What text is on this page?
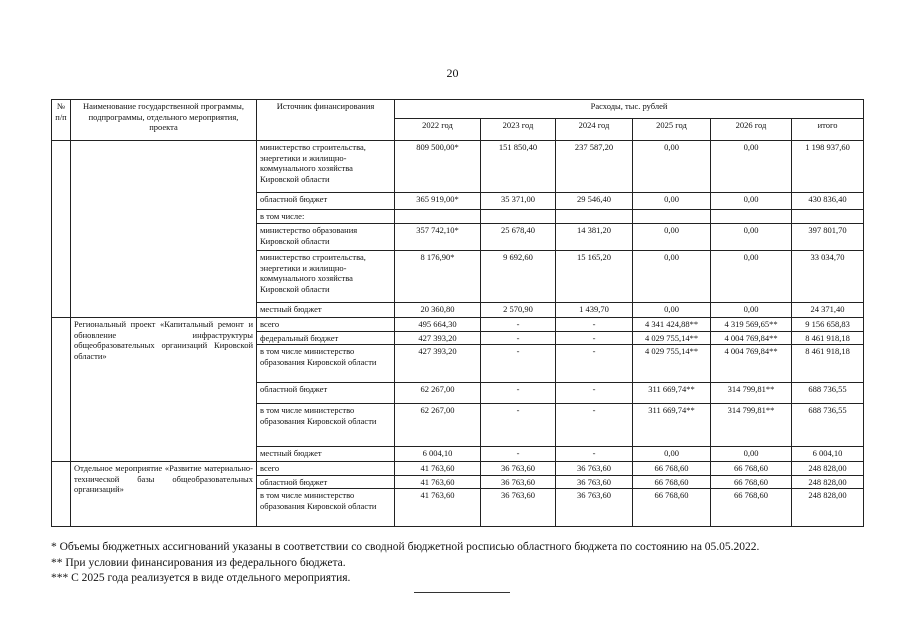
20
№ п/п	Наименование государственной программы, подпрограммы, отдельного мероприятия, проекта	Источник финансирования	Расходы, тыс. рублей					
			2022 год	2023 год	2024 год	2025 год	2026 год	итого
		министерство строительства, энергетики и жилищно-коммунального хозяйства Кировской области	809 500,00*	151 850,40	237 587,20	0,00	0,00	1 198 937,60
		областной бюджет	365 919,00*	35 371,00	29 546,40	0,00	0,00	430 836,40
		в том числе:						
		министерство образования Кировской области	357 742,10*	25 678,40	14 381,20	0,00	0,00	397 801,70
		министерство строительства, энергетики и жилищно-коммунального хозяйства Кировской области	8 176,90*	9 692,60	15 165,20	0,00	0,00	33 034,70
		местный бюджет	20 360,80	2 570,90	1 439,70	0,00	0,00	24 371,40
	Региональный проект «Капитальный ремонт и обновление инфраструктуры общеобразовательных организаций Кировской области»	всего	495 664,30	-	-	4 341 424,88**	4 319 569,65**	9 156 658,83
		федеральный бюджет	427 393,20	-	-	4 029 755,14**	4 004 769,84**	8 461 918,18
		в том числе министерство образования Кировской области	427 393,20	-	-	4 029 755,14**	4 004 769,84**	8 461 918,18
		областной бюджет	62 267,00	-	-	311 669,74**	314 799,81**	688 736,55
		в том числе министерство образования Кировской области	62 267,00	-	-	311 669,74**	314 799,81**	688 736,55
		местный бюджет	6 004,10	-	-	0,00	0,00	6 004,10
	Отдельное мероприятие «Развитие материально-технической базы общеобразовательных организаций»	всего	41 763,60	36 763,60	36 763,60	66 768,60	66 768,60	248 828,00
		областной бюджет	41 763,60	36 763,60	36 763,60	66 768,60	66 768,60	248 828,00
		в том числе министерство образования Кировской области	41 763,60	36 763,60	36 763,60	66 768,60	66 768,60	248 828,00
* Объемы бюджетных ассигнований указаны в соответствии со сводной бюджетной росписью областного бюджета по состоянию на 05.05.2022.
** При условии финансирования из федерального бюджета.
*** С 2025 года реализуется в виде отдельного мероприятия.
